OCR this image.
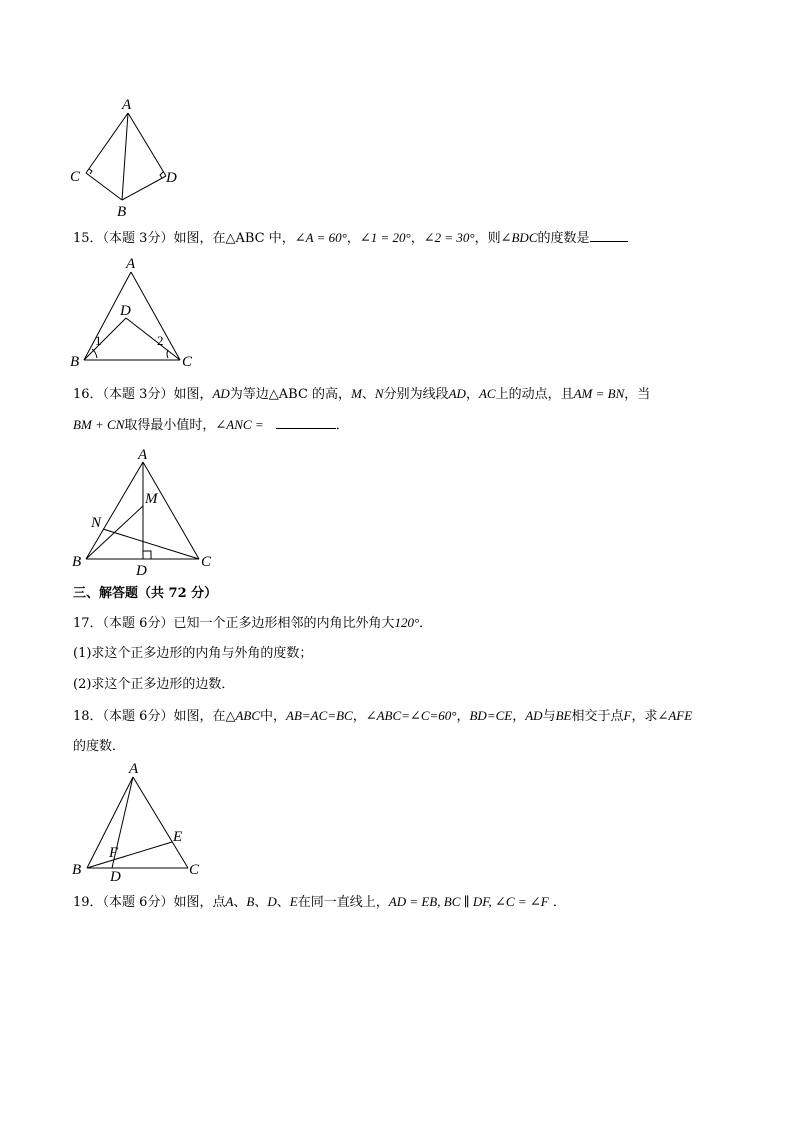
A
C	D
B
15．（本题 3分）如图，在△ABC 中，∠A = 60°，∠1 = 20°，∠2 = 30°，则∠BDC的度数是
A
D
B	C
1	2
16．（本题 3分）如图，AD为等边△ABC 的高，M、N分别为线段AD，AC上的动点，且AM = BN，当
BM + CN取得最小值时，∠ANC =	．
A
M
N
B	C
D
三、解答题（共 72 分）
17．（本题 6分）已知一个正多边形相邻的内角比外角大120°．
(1)求这个正多边形的内角与外角的度数；
(2)求这个正多边形的边数．
18．（本题 6分）如图，在△ABC中，AB=AC=BC，∠ABC=∠C=60°，BD=CE，AD与BE相交于点F，求∠AFE
的度数．
A
E
F
B	C
D
19．（本题 6分）如图，点A、B、D、E在同一直线上，AD = EB, BC ∥ DF, ∠C = ∠F ．
